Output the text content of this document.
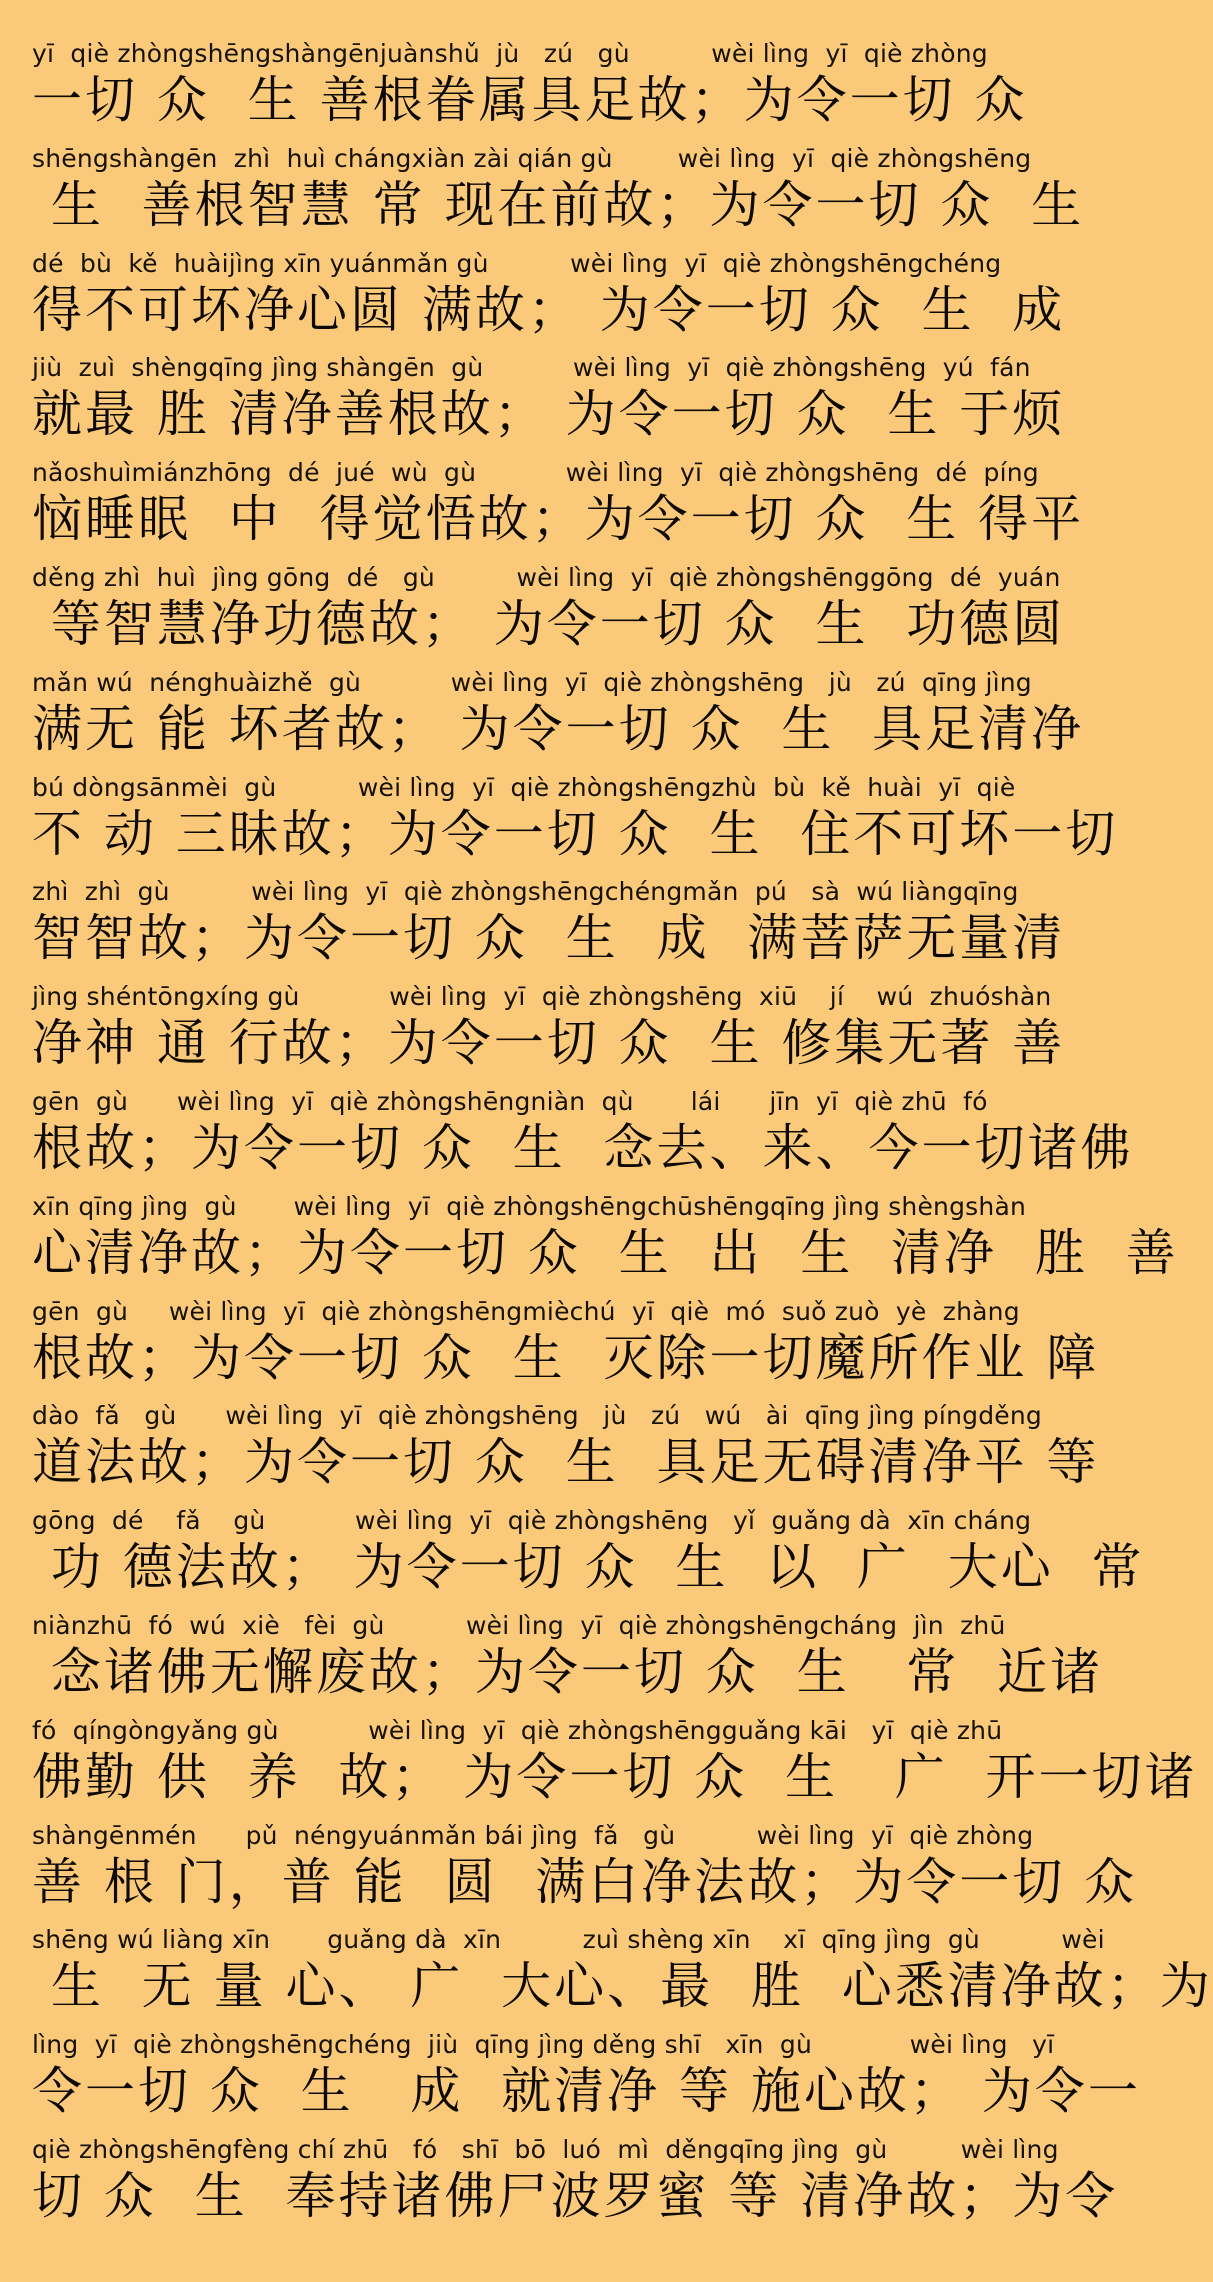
yī  qiè zhòngshēngshàngēnjuànshǔ  jù   zú   gù          wèi lìng  yī  qiè zhòng
一切 众  生 善根眷属具足故；为令一切 众
shēngshàngēn  zhì  huì chángxiàn zài qián gù        wèi lìng  yī  qiè zhòngshēng
生  善根智慧 常 现在前故；为令一切 众  生
dé  bù  kě  huàijìng xīn yuánmǎn gù          wèi lìng  yī  qiè zhòngshēngchéng
得不可坏净心圆 满故； 为令一切 众  生  成
jiù  zuì  shèngqīng jìng shàngēn  gù           wèi lìng  yī  qiè zhòngshēng  yú  fán
就最 胜 清净善根故； 为令一切 众  生 于烦
nǎoshuìmiánzhōng  dé  jué  wù  gù           wèi lìng  yī  qiè zhòngshēng  dé  píng
恼睡眠  中  得觉悟故；为令一切 众  生 得平
děng zhì  huì  jìng gōng  dé   gù          wèi lìng  yī  qiè zhòngshēnggōng  dé  yuán
等智慧净功德故； 为令一切 众  生  功德圆
mǎn wú  nénghuàizhě  gù           wèi lìng  yī  qiè zhòngshēng   jù   zú  qīng jìng
满无 能 坏者故； 为令一切 众  生  具足清净
bú dòngsānmèi  gù          wèi lìng  yī  qiè zhòngshēngzhù  bù  kě  huài  yī  qiè
不 动 三昧故；为令一切 众  生  住不可坏一切
zhì  zhì  gù          wèi lìng  yī  qiè zhòngshēngchéngmǎn  pú   sà  wú liàngqīng
智智故；为令一切 众  生  成  满菩萨无量清
jìng shéntōngxíng gù           wèi lìng  yī  qiè zhòngshēng  xiū    jí    wú  zhuóshàn
净神 通 行故；为令一切 众  生 修集无著 善
gēn  gù      wèi lìng  yī  qiè zhòngshēngniàn  qù       lái      jīn  yī  qiè zhū  fó
根故；为令一切 众  生  念去、来、今一切诸佛
xīn qīng jìng  gù       wèi lìng  yī  qiè zhòngshēngchūshēngqīng jìng shèngshàn
心清净故；为令一切 众  生  出  生  清净  胜  善
gēn  gù     wèi lìng  yī  qiè zhòngshēngmièchú  yī  qiè  mó  suǒ zuò  yè  zhàng
根故；为令一切 众  生  灭除一切魔所作业 障
dào  fǎ   gù      wèi lìng  yī  qiè zhòngshēng   jù   zú   wú   ài  qīng jìng píngděng
道法故；为令一切 众  生  具足无碍清净平 等
gōng  dé    fǎ    gù           wèi lìng  yī  qiè zhòngshēng   yǐ  guǎng dà  xīn cháng
功 德法故； 为令一切 众  生  以  广  大心  常
niànzhū  fó  wú  xiè   fèi  gù          wèi lìng  yī  qiè zhòngshēngcháng  jìn  zhū
念诸佛无懈废故；为令一切 众  生   常  近诸
fó  qíngòngyǎng gù           wèi lìng  yī  qiè zhòngshēngguǎng kāi   yī  qiè zhū
佛勤 供  养  故； 为令一切 众  生   广  开一切诸
shàngēnmén      pǔ  néngyuánmǎn bái jìng  fǎ   gù          wèi lìng  yī  qiè zhòng
善 根 门，普 能  圆  满白净法故；为令一切 众
shēng wú liàng xīn       guǎng dà  xīn          zuì shèng xīn    xī  qīng jìng  gù          wèi
生  无 量 心、 广  大心、最  胜  心悉清净故；为
lìng  yī  qiè zhòngshēngchéng  jiù  qīng jìng děng shī   xīn  gù            wèi lìng   yī
令一切 众  生   成  就清净 等 施心故； 为令一
qiè zhòngshēngfèng chí zhū   fó   shī  bō  luó  mì  děngqīng jìng  gù         wèi lìng
切 众  生  奉持诸佛尸波罗蜜 等 清净故；为令
